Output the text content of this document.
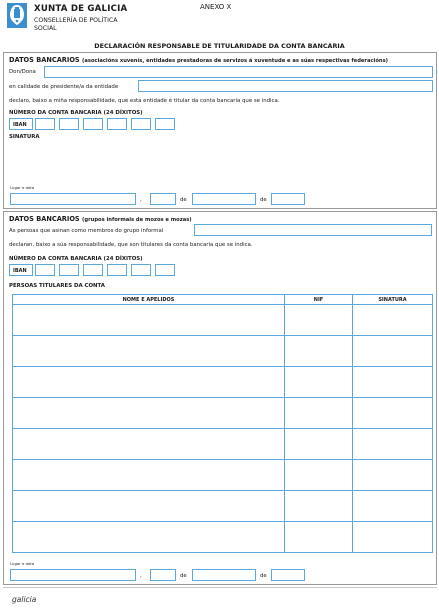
XUNTA DE GALICIA
CONSELLERÍA DE POLÍTICA
SOCIAL
ANEXO X
DECLARACIÓN RESPONSABLE DE TITULARIDADE DA CONTA BANCARIA
DATOS BANCARIOS (asociacións xuvenís, entidades prestadoras de servizos á xuventude e as súas respectivas federacións)
Don/Dona
en calidade de presidente/a da entidade
declaro, baixo a miña responsabilidade, que esta entidade é titular da conta bancaria que se indica.
NÚMERO DA CONTA BANCARIA (24 DÍXITOS)
IBAN
SINATURA
Lugar e data
,	de	de
DATOS BANCARIOS (grupos informais de mozos e mozas)
As persoas que asinan como membros do grupo informal
declaran, baixo a súa responsabilidade, que son titulares da conta bancaria que se indica.
NÚMERO DA CONTA BANCARIA (24 DÍXITOS)
IBAN
PERSOAS TITULARES DA CONTA
NOME E APELIDOS	NIF	SINATURA

Lugar e data
,	de	de
galicia
